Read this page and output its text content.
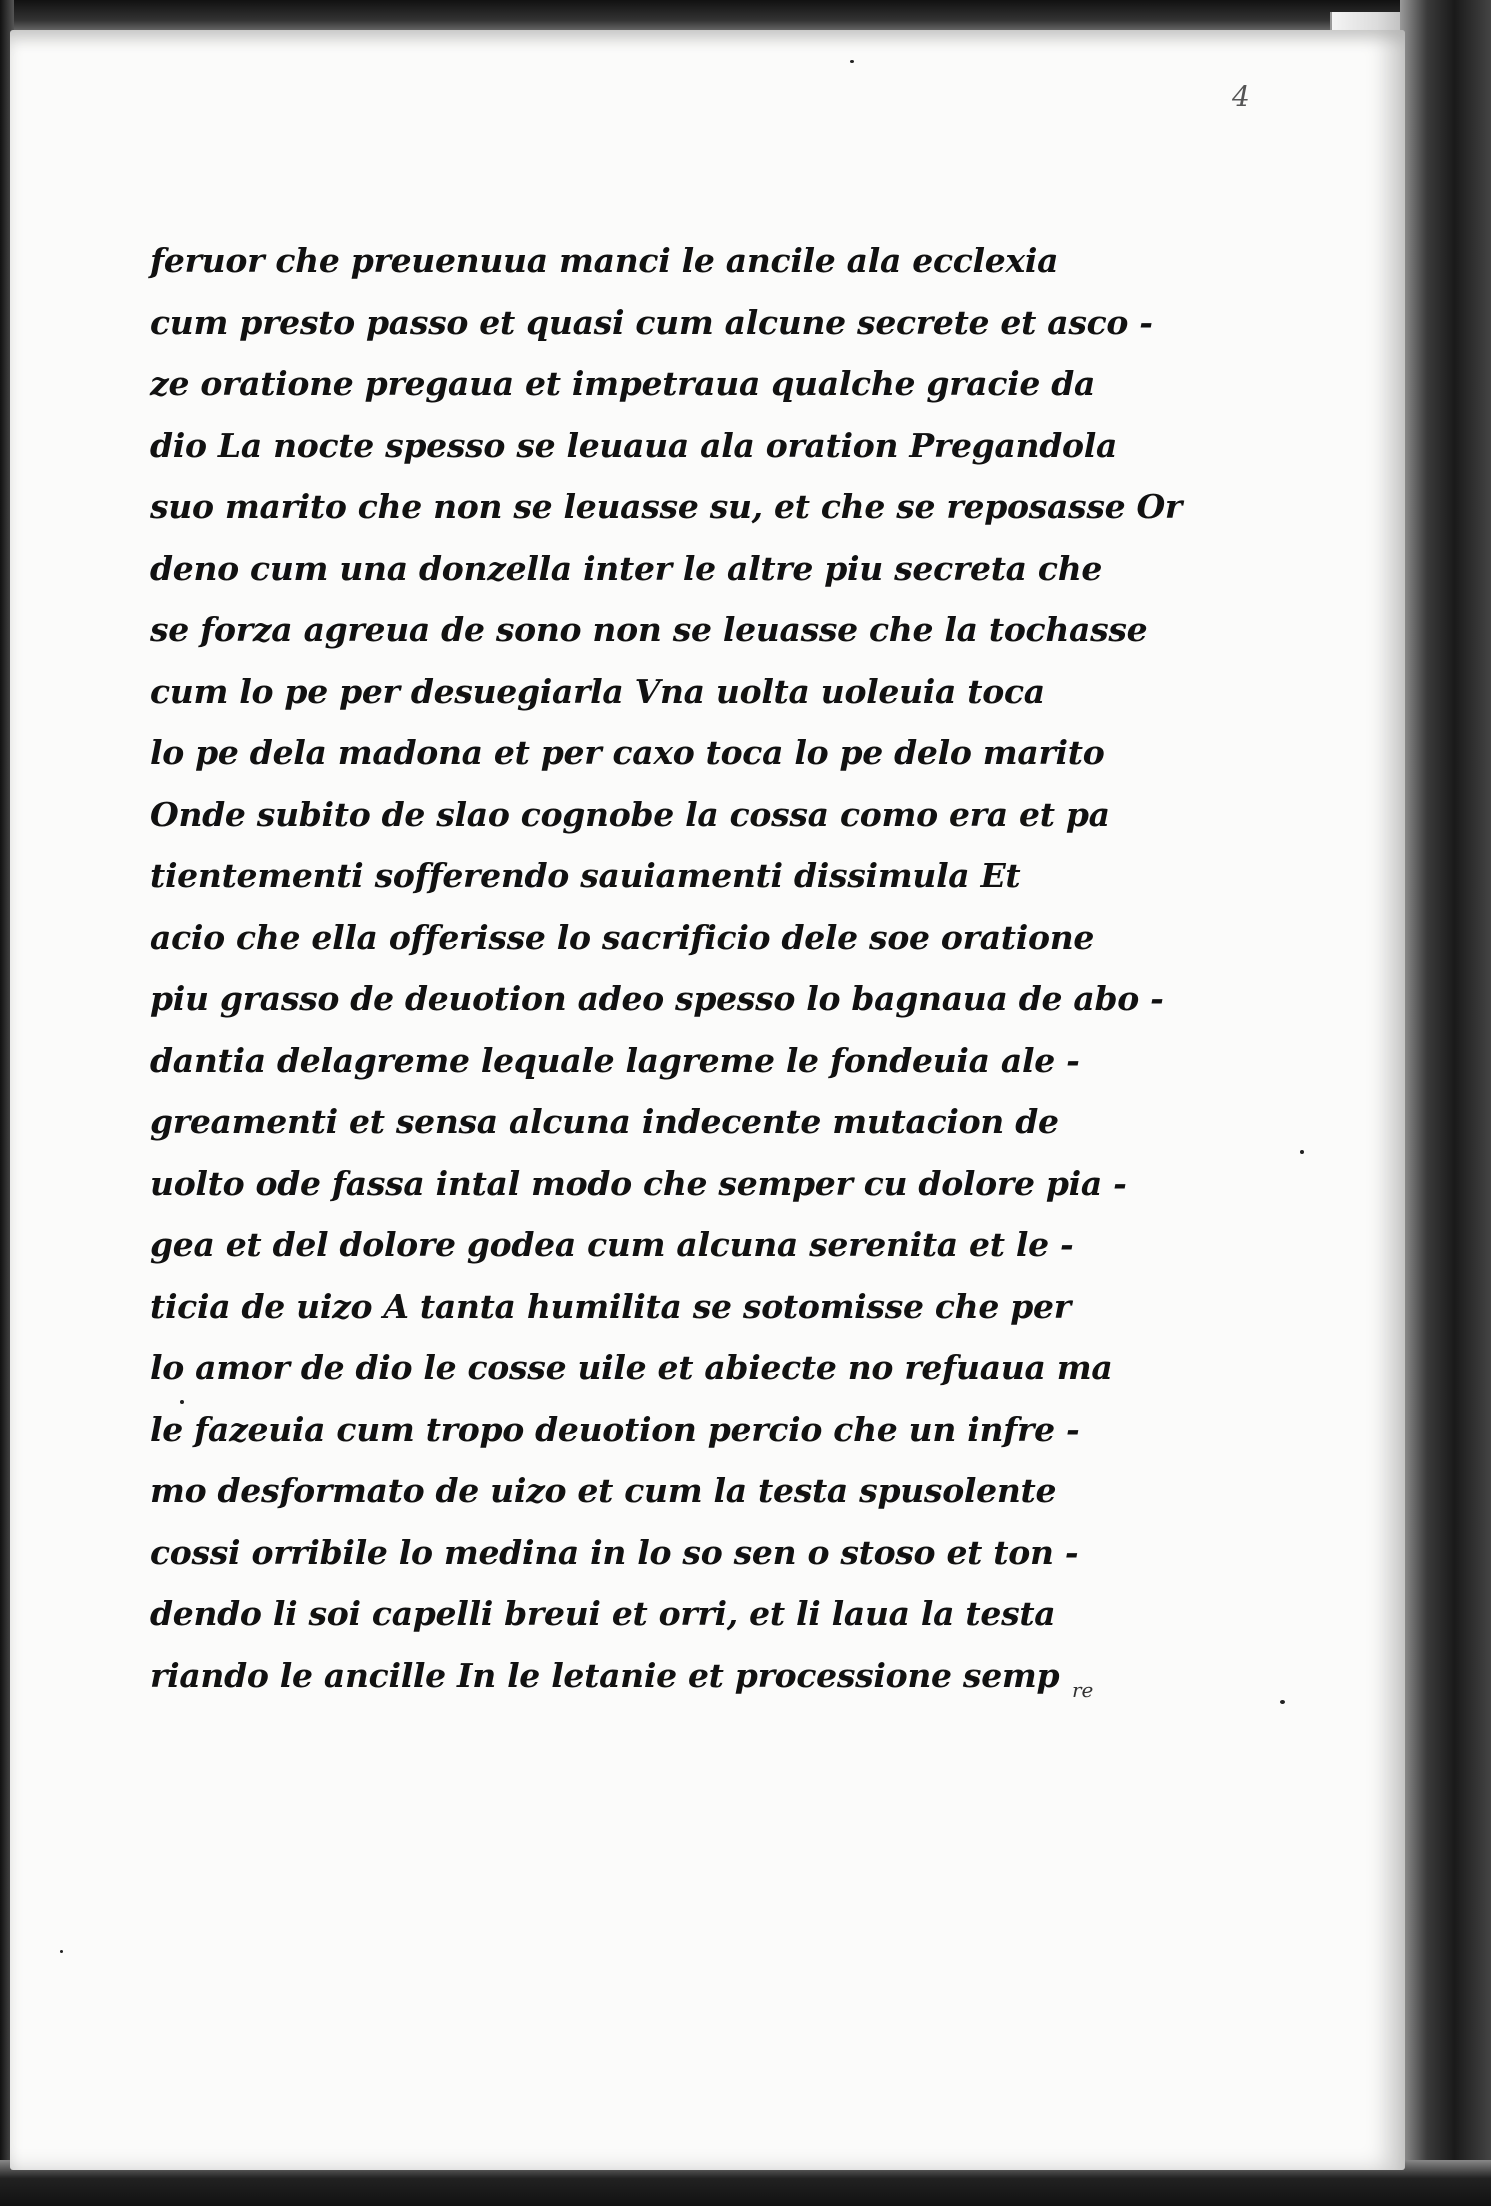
4
feruor che preuenuua manci le ancile ala ecclexia
cum presto passo et quasi cum alcune secrete et asco -
ze oratione pregaua et impetraua qualche gracie da
dio La nocte spesso se leuaua ala oration Pregandola
suo marito che non se leuasse su, et che se reposasse Or
deno cum una donzella inter le altre piu secreta che
se forza agreua de sono non se leuasse che la tochasse
cum lo pe per desuegiarla Vna uolta uoleuia toca
lo pe dela madona et per caxo toca lo pe delo marito
Onde subito de slao cognobe la cossa como era et pa
tientementi sofferendo sauiamenti dissimula Et
acio che ella offerisse lo sacrificio dele soe oratione
piu grasso de deuotion adeo spesso lo bagnaua de abo -
dantia delagreme lequale lagreme le fondeuia ale -
greamenti et sensa alcuna indecente mutacion de
uolto ode fassa intal modo che semper cu dolore pia -
gea et del dolore godea cum alcuna serenita et le -
ticia de uizo A tanta humilita se sotomisse che per
lo amor de dio le cosse uile et abiecte no refuaua ma
le fazeuia cum tropo deuotion percio che un infre -
mo desformato de uizo et cum la testa spusolente
cossi orribile lo medina in lo so sen o stoso et ton -
dendo li soi capelli breui et orri, et li laua la testa
riando le ancille In le letanie et processione semp re
